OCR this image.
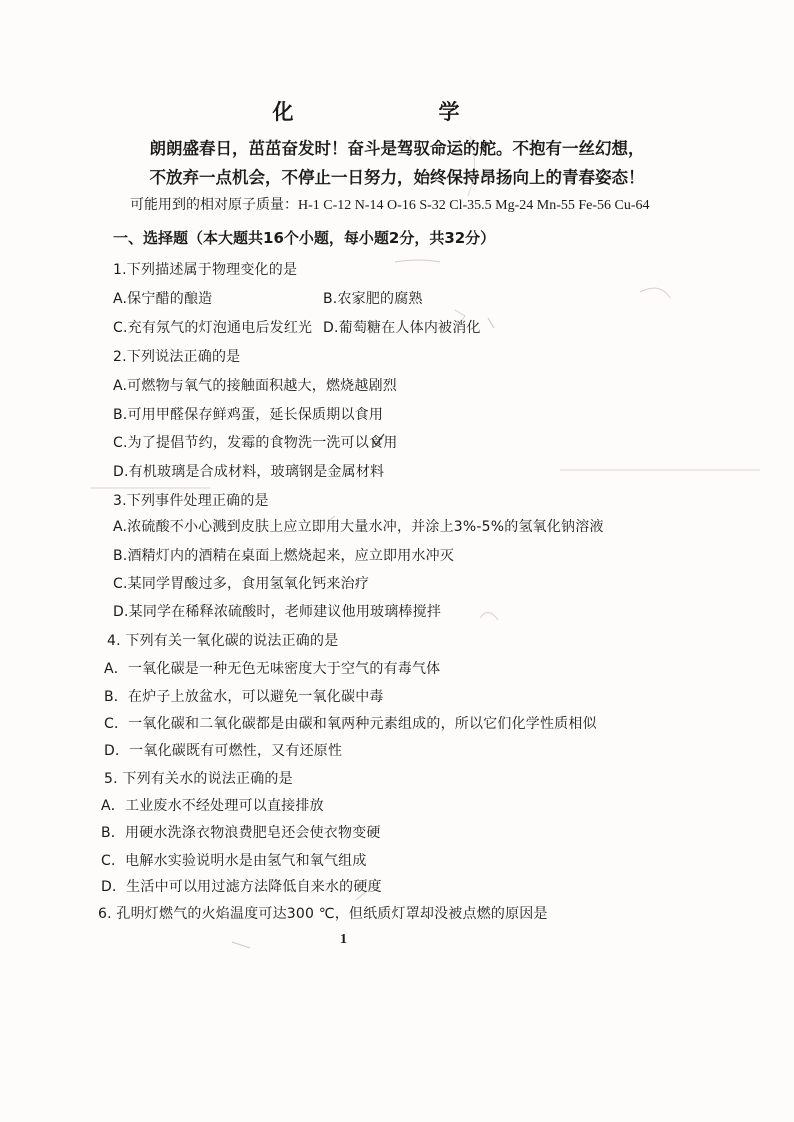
化　学
朗朗盛春日，茁茁奋发时！奋斗是驾驭命运的舵。不抱有一丝幻想，
不放弃一点机会，不停止一日努力，始终保持昂扬向上的青春姿态！
可能用到的相对原子质量：H-1 C-12 N-14 O-16 S-32 Cl-35.5 Mg-24 Mn-55 Fe-56 Cu-64
一、选择题（本大题共16个小题，每小题2分，共32分）
1.下列描述属于物理变化的是
A.保宁醋的酿造	B.农家肥的腐熟
C.充有氖气的灯泡通电后发红光 D.葡萄糖在人体内被消化
2.下列说法正确的是
A.可燃物与氧气的接触面积越大，燃烧越剧烈
B.可用甲醛保存鲜鸡蛋，延长保质期以食用
C.为了提倡节约，发霉的食物洗一洗可以食用
D.有机玻璃是合成材料，玻璃钢是金属材料
3.下列事件处理正确的是
A.浓硫酸不小心溅到皮肤上应立即用大量水冲，并涂上3%-5%的氢氧化钠溶液
B.酒精灯内的酒精在桌面上燃烧起来，应立即用水冲灭
C.某同学胃酸过多，食用氢氧化钙来治疗
D.某同学在稀释浓硫酸时，老师建议他用玻璃棒搅拌
4. 下列有关一氧化碳的说法正确的是
A．一氧化碳是一种无色无味密度大于空气的有毒气体
B．在炉子上放盆水，可以避免一氧化碳中毒
C．一氧化碳和二氧化碳都是由碳和氧两种元素组成的，所以它们化学性质相似
D．一氧化碳既有可燃性，又有还原性
5. 下列有关水的说法正确的是
A．工业废水不经处理可以直接排放
B．用硬水洗涤衣物浪费肥皂还会使衣物变硬
C．电解水实验说明水是由氢气和氧气组成
D．生活中可以用过滤方法降低自来水的硬度
6. 孔明灯燃气的火焰温度可达300 ℃，但纸质灯罩却没被点燃的原因是
1
